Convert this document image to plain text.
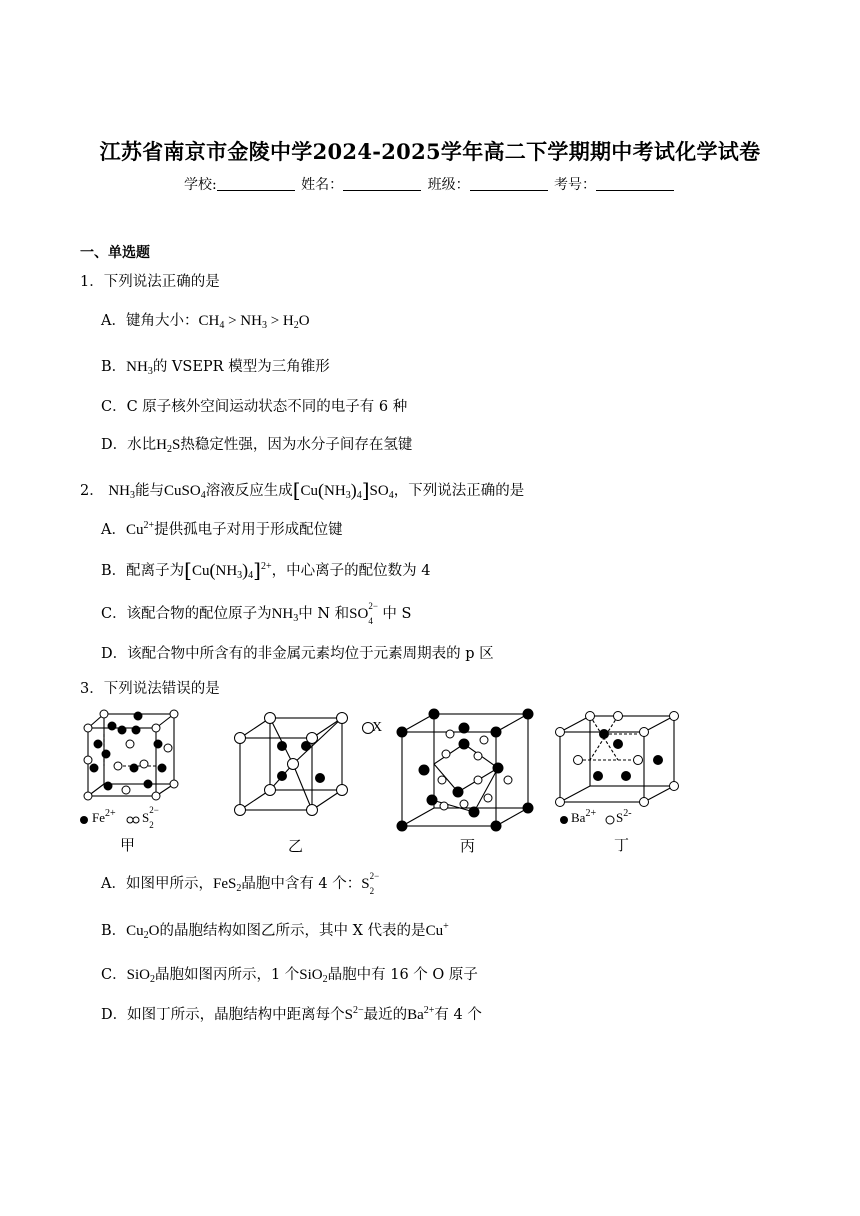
江苏省南京市金陵中学2024-2025学年高二下学期期中考试化学试卷
学校:	姓名：	班级：	考号：
一、单选题
1．下列说法正确的是
A．键角大小：$CH_4 > NH_3 > H_2O$
B．$NH_3$的 VSEPR 模型为三角锥形
C．C 原子核外空间运动状态不同的电子有 6 种
D．水比$H_2S$热稳定性强，因为水分子间存在氢键
2． $NH_3$能与CuSO$_4$溶液反应生成$[Cu(NH_3)_4]SO_4$，下列说法正确的是
A．$Cu^{2+}$提供孤电子对用于形成配位键
B．配离子为$[Cu(NH_3)_4]^{2+}$，中心离子的配位数为 4
C．该配合物的配位原子为$NH_3$中 N 和SO 2−
4 中 S
D．该配合物中所含有的非金属元素均位于元素周期表的 p 区
3．下列说法错误的是
$Fe^{2+}$ S 2−
2
X
$Ba^{2+}$ $S^{2-}$
甲	乙	丙	丁
A．如图甲所示，FeS$_2$晶胞中含有 4 个：S 2−
2
B．$Cu_2O$的晶胞结构如图乙所示，其中 X 代表的是Cu+
C．SiO$_2$晶胞如图丙所示，1 个SiO$_2$晶胞中有 16 个 O 原子
D．如图丁所示，晶胞结构中距离每个$S^{2-}$最近的$Ba^{2+}$有 4 个
